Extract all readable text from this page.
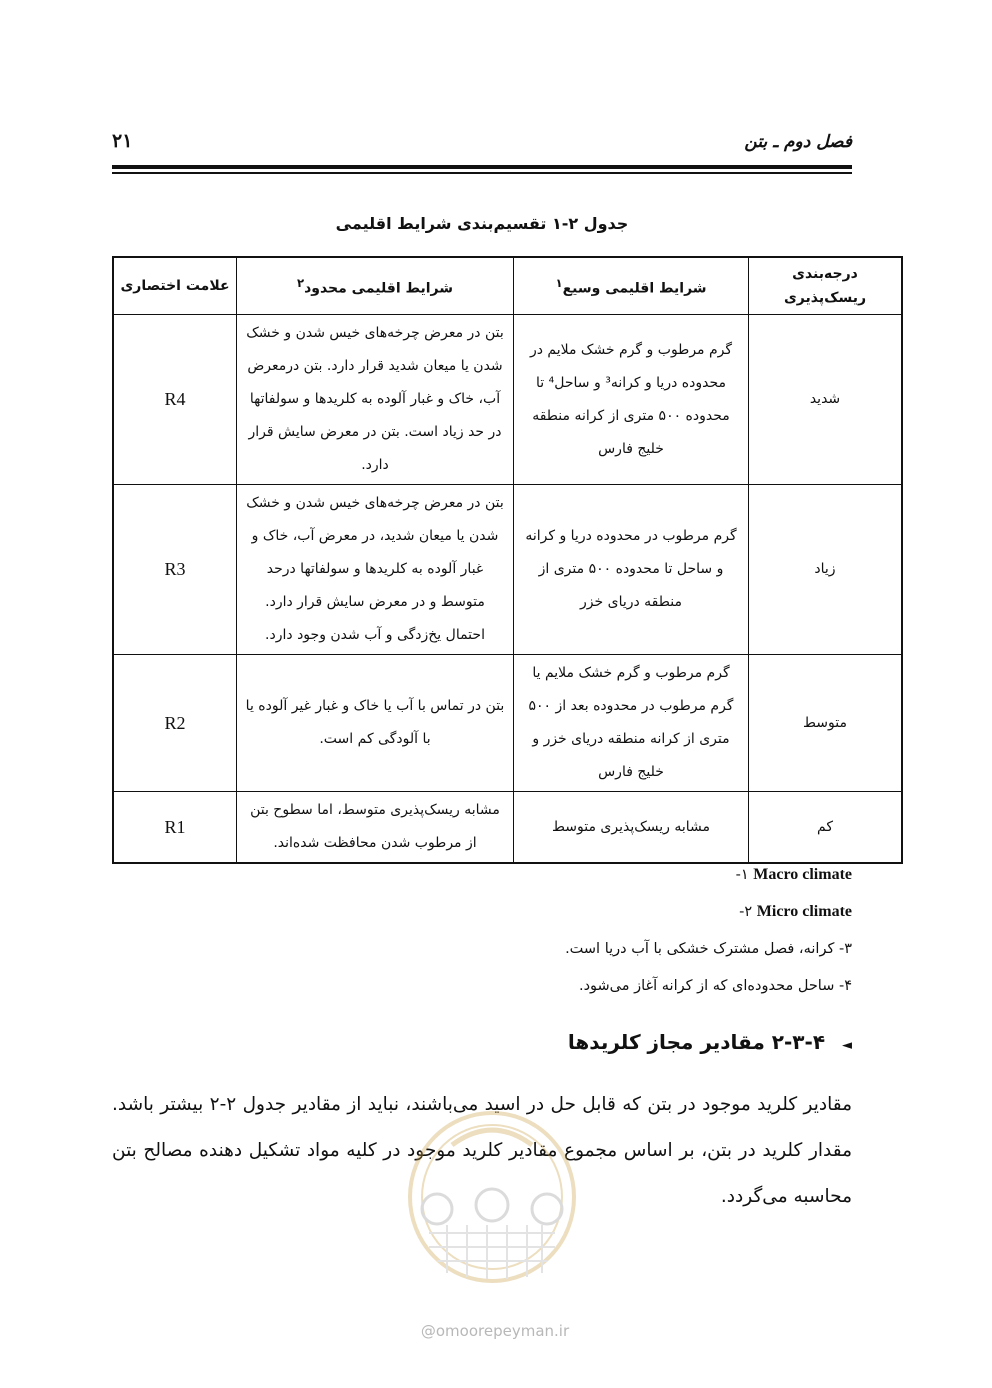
فصل دوم ـ بتن
۲۱
جدول ۲-۱ تقسیم‌بندی شرایط اقلیمی
درجه‌بندی ریسک‌پذیری	شرایط اقلیمی وسیع$^۱$	شرایط اقلیمی محدود$^۲$	علامت اختصاری
شدید	گرم مرطوب و گرم خشک ملایم در محدوده دریا و کرانه³ و ساحل⁴ تا محدوده ۵۰۰ متری از کرانه منطقه خلیج فارس	بتن در معرض چرخه‌های خیس شدن و خشک شدن یا میعان شدید قرار دارد. بتن درمعرض آب، خاک و غبار آلوده به کلریدها و سولفاتها در حد زیاد است. بتن در معرض سایش قرار دارد.	R4
زیاد	گرم مرطوب در محدوده دریا و کرانه و ساحل تا محدوده ۵۰۰ متری از منطقه دریای خزر	بتن در معرض چرخه‌های خیس شدن و خشک شدن یا میعان شدید، در معرض آب، خاک و غبار آلوده به کلریدها و سولفاتها درحد متوسط و در معرض سایش قرار دارد. احتمال یخ‌زدگی و آب شدن وجود دارد.	R3
متوسط	گرم مرطوب و گرم خشک ملایم یا گرم مرطوب در محدوده بعد از ۵۰۰ متری از کرانه منطقه دریای خزر و خلیج فارس	بتن در تماس با آب یا خاک و غبار غیر آلوده یا با آلودگی کم است.	R2
کم	مشابه ریسک‌پذیری متوسط	مشابه ریسک‌پذیری متوسط، اما سطوح بتن از مرطوب شدن محافظت شده‌اند.	R1
Macro climate ۱-
Micro climate ۲-
۳- کرانه، فصل مشترک خشکی با آب دریا است.
۴- ساحل محدوده‌ای که از کرانه آغاز می‌شود.
◄ ۲-۳-۴ مقادیر مجاز کلریدها
مقادیر کلرید موجود در بتن که قابل حل در اسید می‌باشند، نباید از مقادیر جدول ۲-۲ بیشتر باشد. مقدار کلرید در بتن، بر اساس مجموع مقادیر کلرید موجود در کلیه مواد تشکیل دهنده مصالح بتن محاسبه می‌گردد.
@omoorepeyman.ir
